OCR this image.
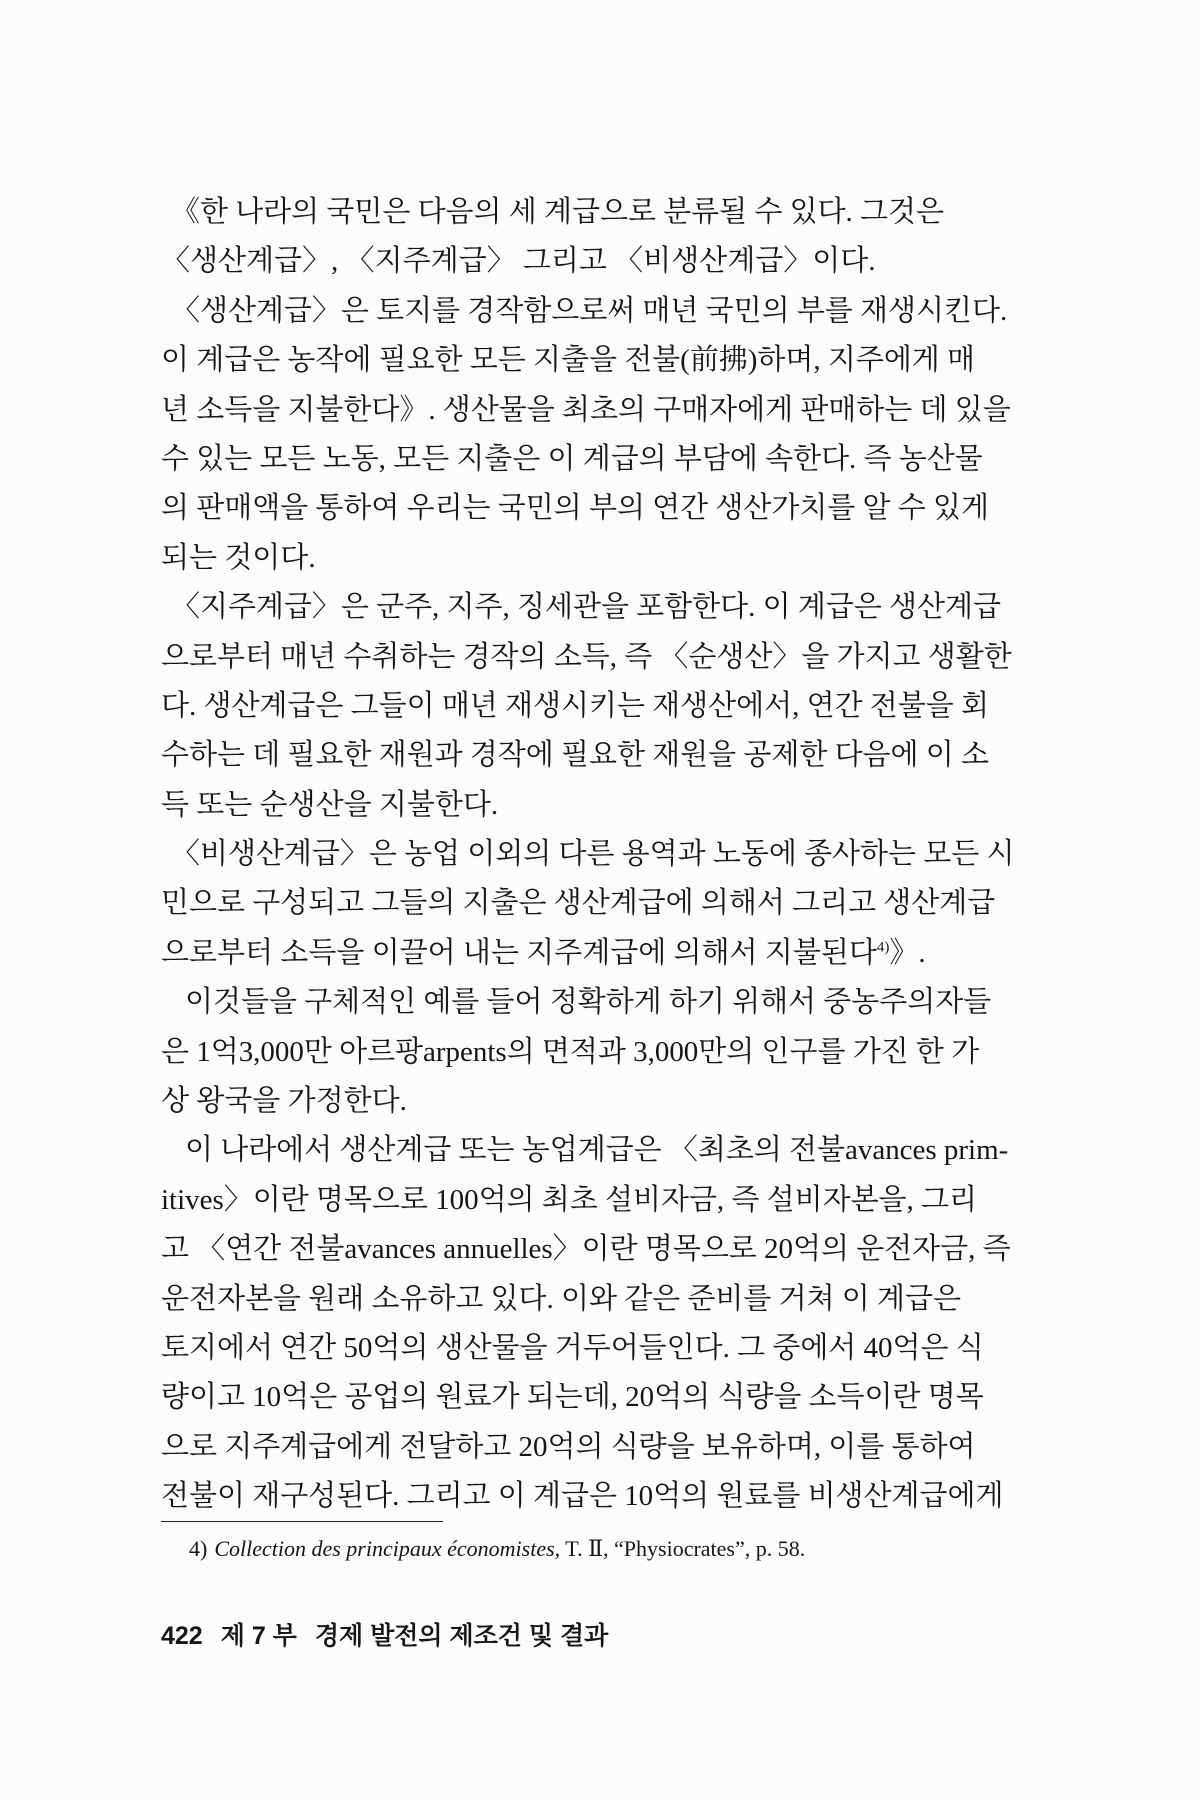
《한 나라의 국민은 다음의 세 계급으로 분류될 수 있다. 그것은
〈생산계급〉, 〈지주계급〉 그리고 〈비생산계급〉이다.
〈생산계급〉은 토지를 경작함으로써 매년 국민의 부를 재생시킨다.
이 계급은 농작에 필요한 모든 지출을 전불(前拂)하며, 지주에게 매
년 소득을 지불한다》. 생산물을 최초의 구매자에게 판매하는 데 있을
수 있는 모든 노동, 모든 지출은 이 계급의 부담에 속한다. 즉 농산물
의 판매액을 통하여 우리는 국민의 부의 연간 생산가치를 알 수 있게
되는 것이다.
〈지주계급〉은 군주, 지주, 징세관을 포함한다. 이 계급은 생산계급
으로부터 매년 수취하는 경작의 소득, 즉 〈순생산〉을 가지고 생활한
다. 생산계급은 그들이 매년 재생시키는 재생산에서, 연간 전불을 회
수하는 데 필요한 재원과 경작에 필요한 재원을 공제한 다음에 이 소
득 또는 순생산을 지불한다.
〈비생산계급〉은 농업 이외의 다른 용역과 노동에 종사하는 모든 시
민으로 구성되고 그들의 지출은 생산계급에 의해서 그리고 생산계급
으로부터 소득을 이끌어 내는 지주계급에 의해서 지불된다$^{4)}$》.
이것들을 구체적인 예를 들어 정확하게 하기 위해서 중농주의자들
은 1억3,000만 아르팡arpents의 면적과 3,000만의 인구를 가진 한 가
상 왕국을 가정한다.
이 나라에서 생산계급 또는 농업계급은 〈최초의 전불avances prim-
itives〉이란 명목으로 100억의 최초 설비자금, 즉 설비자본을, 그리
고 〈연간 전불avances annuelles〉이란 명목으로 20억의 운전자금, 즉
운전자본을 원래 소유하고 있다. 이와 같은 준비를 거쳐 이 계급은
토지에서 연간 50억의 생산물을 거두어들인다. 그 중에서 40억은 식
량이고 10억은 공업의 원료가 되는데, 20억의 식량을 소득이란 명목
으로 지주계급에게 전달하고 20억의 식량을 보유하며, 이를 통하여
전불이 재구성된다. 그리고 이 계급은 10억의 원료를 비생산계급에게
4) Collection des principaux économistes, T. Ⅱ, “Physiocrates”, p. 58.
422 제 7 부 경제 발전의 제조건 및 결과
